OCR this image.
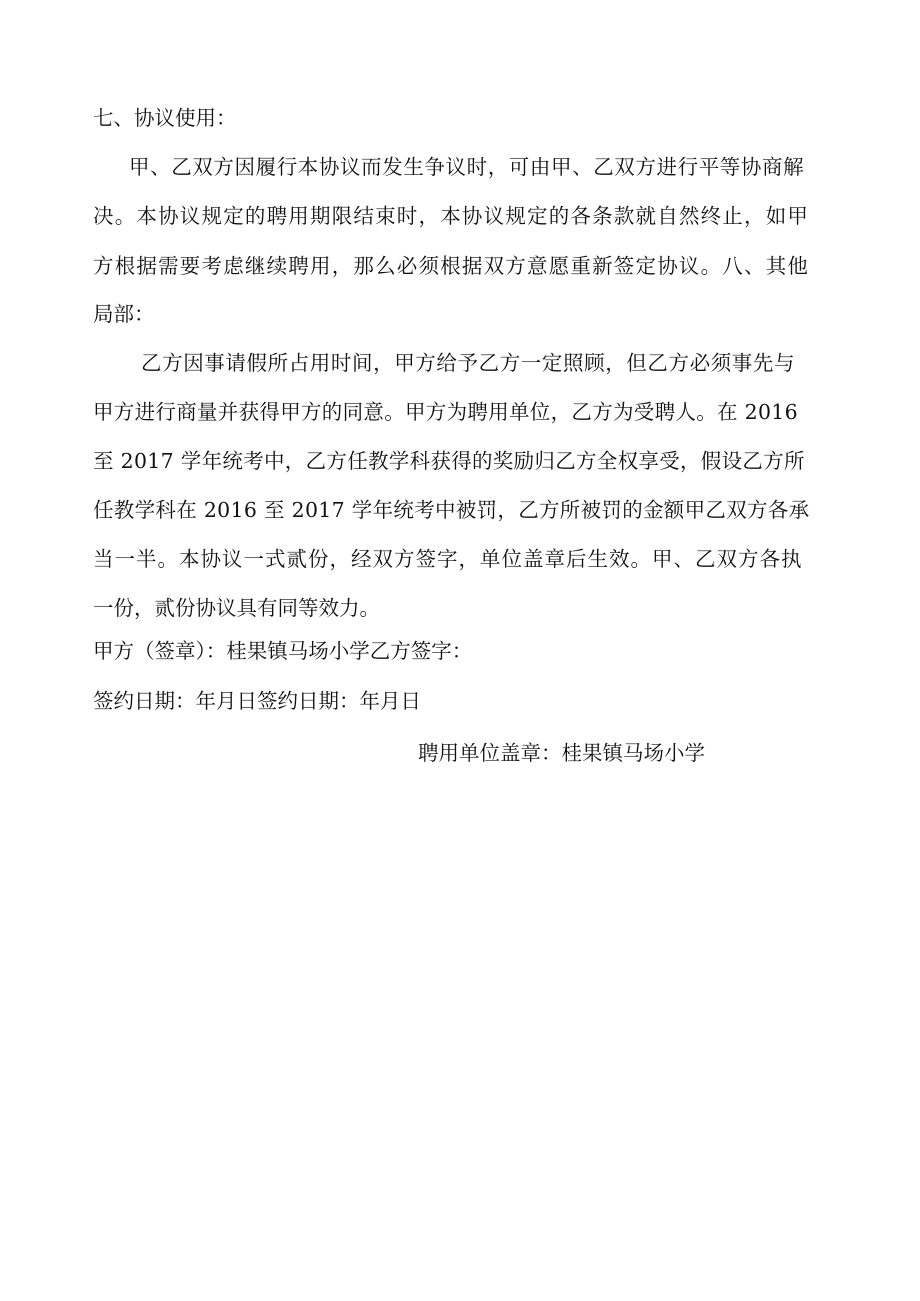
七、协议使用：
甲、乙双方因履行本协议而发生争议时，可由甲、乙双方进行平等协商解
决。本协议规定的聘用期限结束时，本协议规定的各条款就自然终止，如甲
方根据需要考虑继续聘用，那么必须根据双方意愿重新签定协议。八、其他
局部：
乙方因事请假所占用时间，甲方给予乙方一定照顾，但乙方必须事先与
甲方进行商量并获得甲方的同意。甲方为聘用单位，乙方为受聘人。在 2016
至 2017 学年统考中，乙方任教学科获得的奖励归乙方全权享受，假设乙方所
任教学科在 2016 至 2017 学年统考中被罚，乙方所被罚的金额甲乙双方各承
当一半。本协议一式贰份，经双方签字，单位盖章后生效。甲、乙双方各执
一份，贰份协议具有同等效力。
甲方（签章）：桂果镇马场小学乙方签字：
签约日期：年月日签约日期：年月日
聘用单位盖章：桂果镇马场小学
